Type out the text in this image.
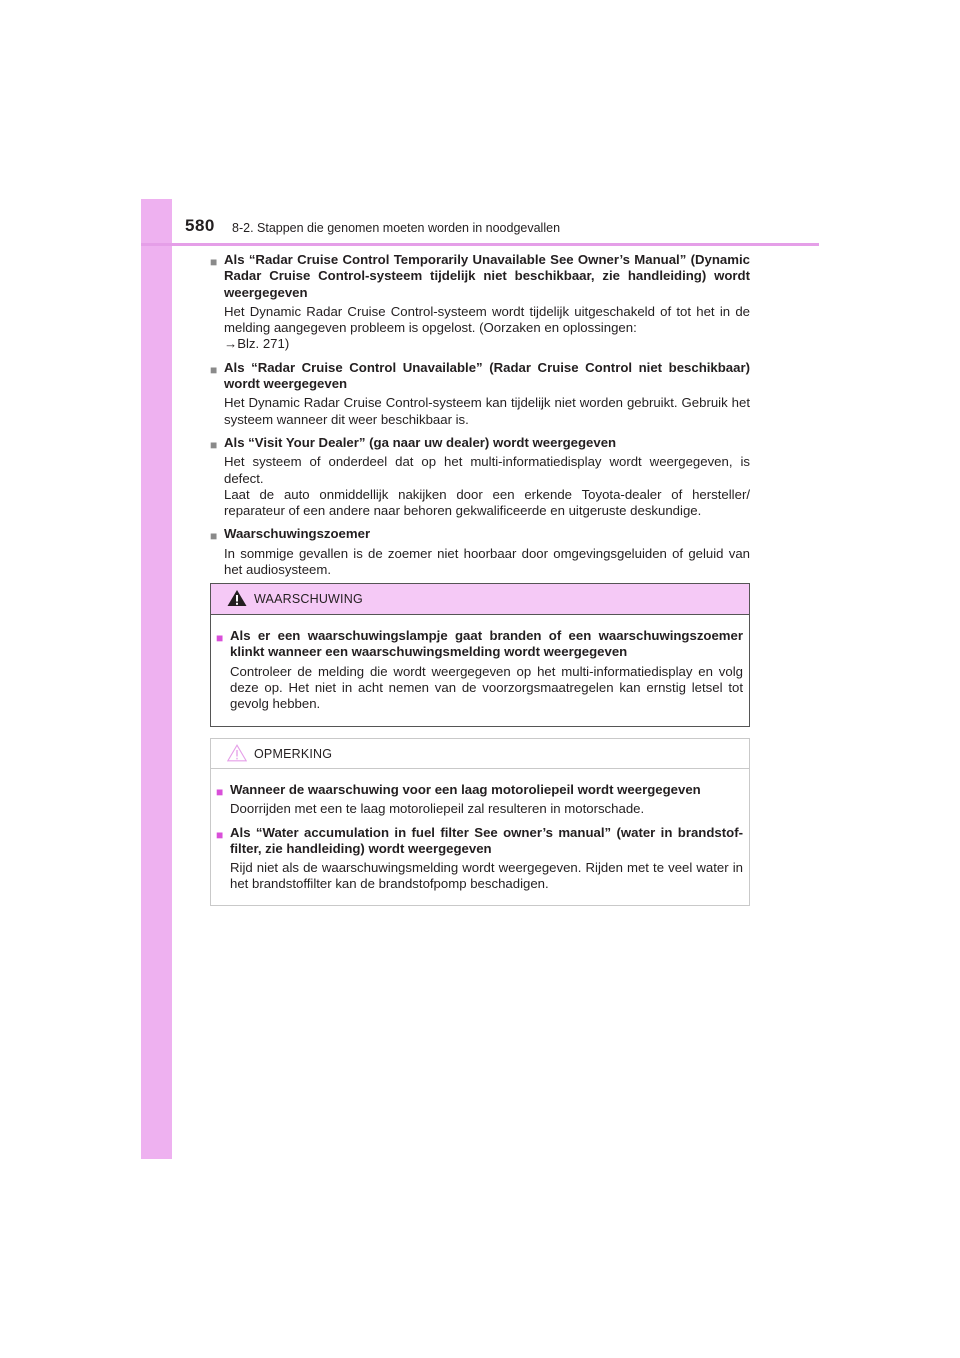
580 8-2. Stappen die genomen moeten worden in noodgevallen
■ Als “Radar Cruise Control Temporarily Unavailable See Owner’s Manual” (Dynamic Radar Cruise Control-systeem tijdelijk niet beschikbaar, zie handleiding) wordt weergegeven

Het Dynamic Radar Cruise Control-systeem wordt tijdelijk uitgeschakeld of tot het in de melding aangegeven probleem is opgelost. (Oorzaken en oplossingen:
→Blz. 271)

■ Als “Radar Cruise Control Unavailable” (Radar Cruise Control niet beschikbaar) wordt weergegeven

Het Dynamic Radar Cruise Control-systeem kan tijdelijk niet worden gebruikt. Gebruik het systeem wanneer dit weer beschikbaar is.

■ Als “Visit Your Dealer” (ga naar uw dealer) wordt weergegeven

Het systeem of onderdeel dat op het multi-informatiedisplay wordt weergegeven, is defect.

Laat de auto onmiddellijk nakijken door een erkende Toyota-dealer of hersteller/ reparateur of een andere naar behoren gekwalificeerde en uitgeruste deskundige.

■ Waarschuwingszoemer

In sommige gevallen is de zoemer niet hoorbaar door omgevingsgeluiden of geluid van het audiosysteem.

WAARSCHUWING
■ Als er een waarschuwingslampje gaat branden of een waarschuwingszoemer klinkt wanneer een waarschuwingsmelding wordt weergegeven

Controleer de melding die wordt weergegeven op het multi-informatiedisplay en volg deze op. Het niet in acht nemen van de voorzorgsmaatregelen kan ernstig letsel tot gevolg hebben.

OPMERKING
■ Wanneer de waarschuwing voor een laag motoroliepeil wordt weergegeven

Doorrijden met een te laag motoroliepeil zal resulteren in motorschade.

■ Als “Water accumulation in fuel filter See owner’s manual” (water in brandstoffilter, zie handleiding) wordt weergegeven

Rijd niet als de waarschuwingsmelding wordt weergegeven. Rijden met te veel water in het brandstoffilter kan de brandstofpomp beschadigen.
